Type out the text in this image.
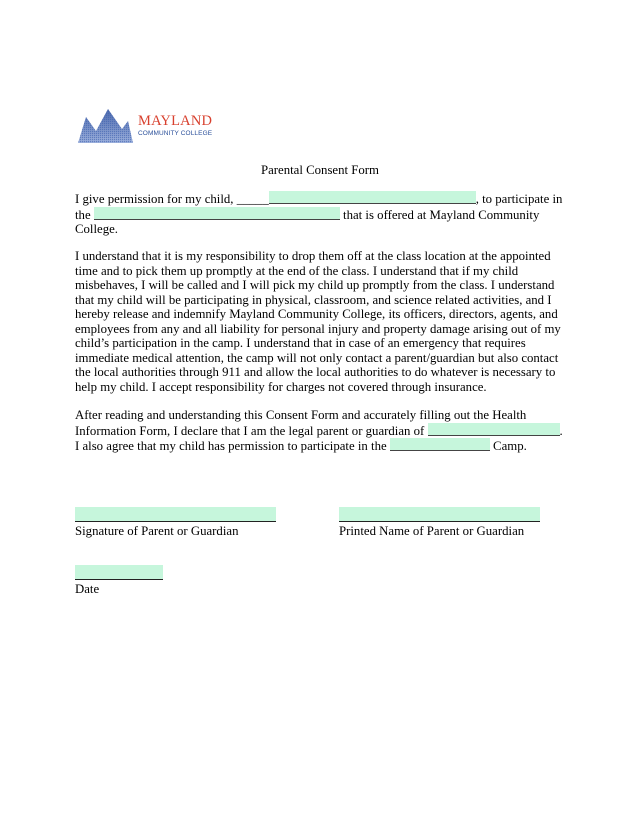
MAYLAND
COMMUNITY COLLEGE
Parental Consent Form

I give permission for my child, _____	, to participate in the	that is offered at Mayland Community College.

I understand that it is my responsibility to drop them off at the class location at the appointed time and to pick them up promptly at the end of the class. I understand that if my child misbehaves, I will be called and I will pick my child up promptly from the class. I understand that my child will be participating in physical, classroom, and science related activities, and I hereby release and indemnify Mayland Community College, its officers, directors, agents, and employees from any and all liability for personal injury and property damage arising out of my child’s participation in the camp. I understand that in case of an emergency that requires immediate medical attention, the camp will not only contact a parent/guardian but also contact the local authorities through 911 and allow the local authorities to do whatever is necessary to help my child. I accept responsibility for charges not covered through insurance.

After reading and understanding this Consent Form and accurately filling out the Health Information Form, I declare that I am the legal parent or guardian of	. I also agree that my child has permission to participate in the	Camp.

Signature of Parent or Guardian	Printed Name of Parent or Guardian
Date
